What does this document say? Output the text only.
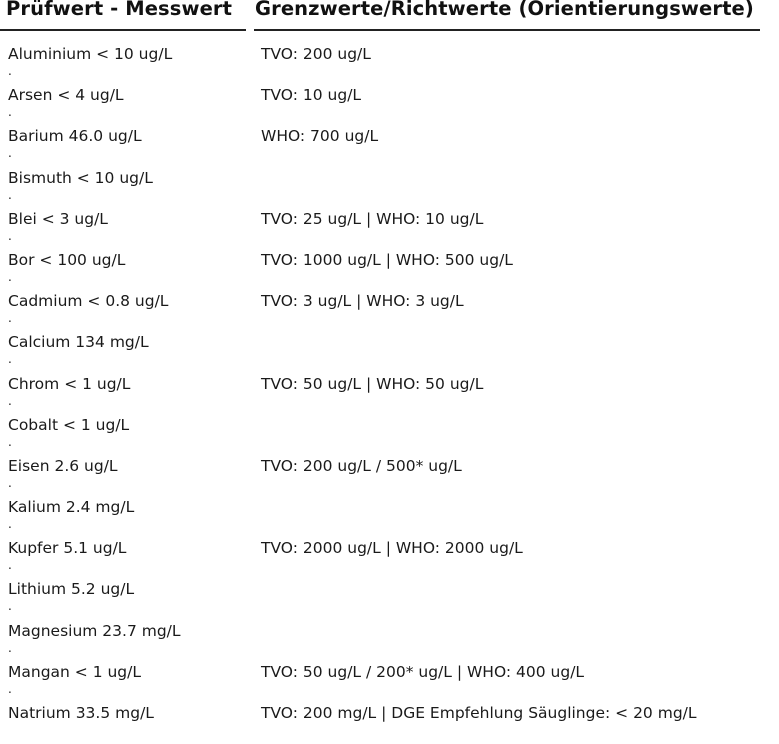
Prüfwert - Messwert Grenzwerte/Richtwerte (Orientierungswerte)
Aluminium < 10 ug/L	TVO: 200 ug/L
.
Arsen < 4 ug/L	TVO: 10 ug/L
.
Barium 46.0 ug/L	WHO: 700 ug/L
.
Bismuth < 10 ug/L
.
Blei < 3 ug/L	TVO: 25 ug/L | WHO: 10 ug/L
.
Bor < 100 ug/L	TVO: 1000 ug/L | WHO: 500 ug/L
.
Cadmium < 0.8 ug/L	TVO: 3 ug/L | WHO: 3 ug/L
.
Calcium 134 mg/L
.
Chrom < 1 ug/L	TVO: 50 ug/L | WHO: 50 ug/L
.
Cobalt < 1 ug/L
.
Eisen 2.6 ug/L	TVO: 200 ug/L / 500* ug/L
.
Kalium 2.4 mg/L
.
Kupfer 5.1 ug/L	TVO: 2000 ug/L | WHO: 2000 ug/L
.
Lithium 5.2 ug/L
.
Magnesium 23.7 mg/L
.
Mangan < 1 ug/L	TVO: 50 ug/L / 200* ug/L | WHO: 400 ug/L
.
Natrium 33.5 mg/L	TVO: 200 mg/L | DGE Empfehlung Säuglinge: < 20 mg/L
